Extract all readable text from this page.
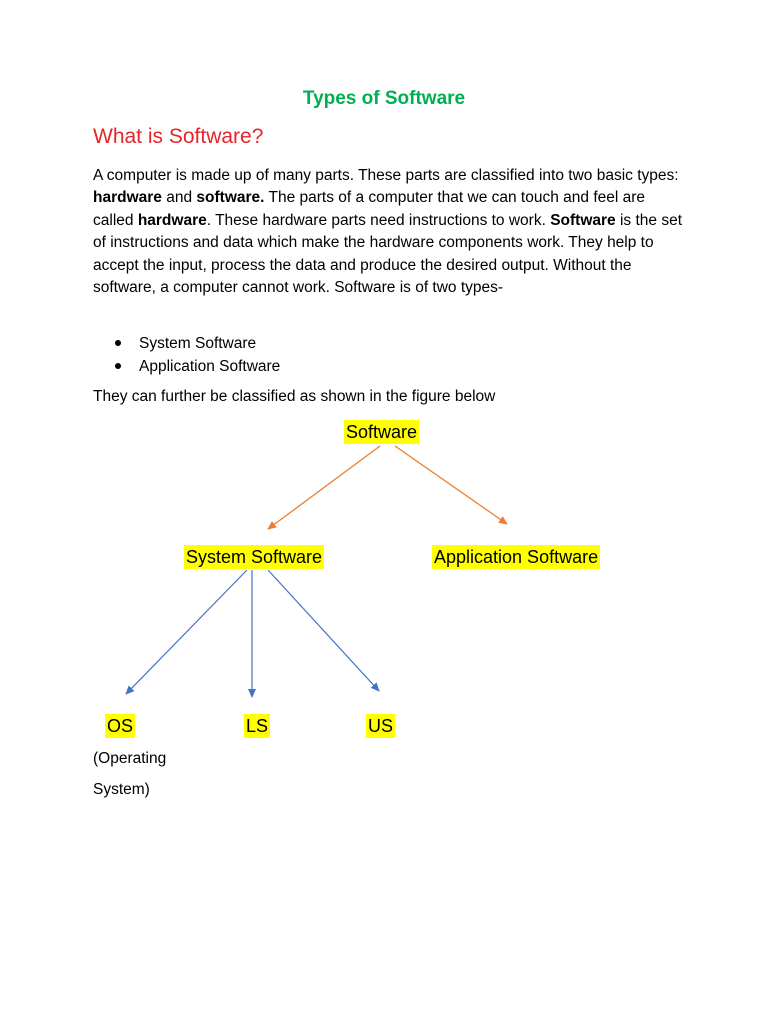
Types of Software
What is Software?
A computer is made up of many parts. These parts are classified into two basic types: hardware and software. The parts of a computer that we can touch and feel are called hardware. These hardware parts need instructions to work. Software is the set of instructions and data which make the hardware components work. They help to accept the input, process the data and produce the desired output. Without the software, a computer cannot work. Software is of two types-
System Software
Application Software
They can further be classified as shown in the figure below
Software
System Software	Application Software
OS	LS	US
(Operating
System)
